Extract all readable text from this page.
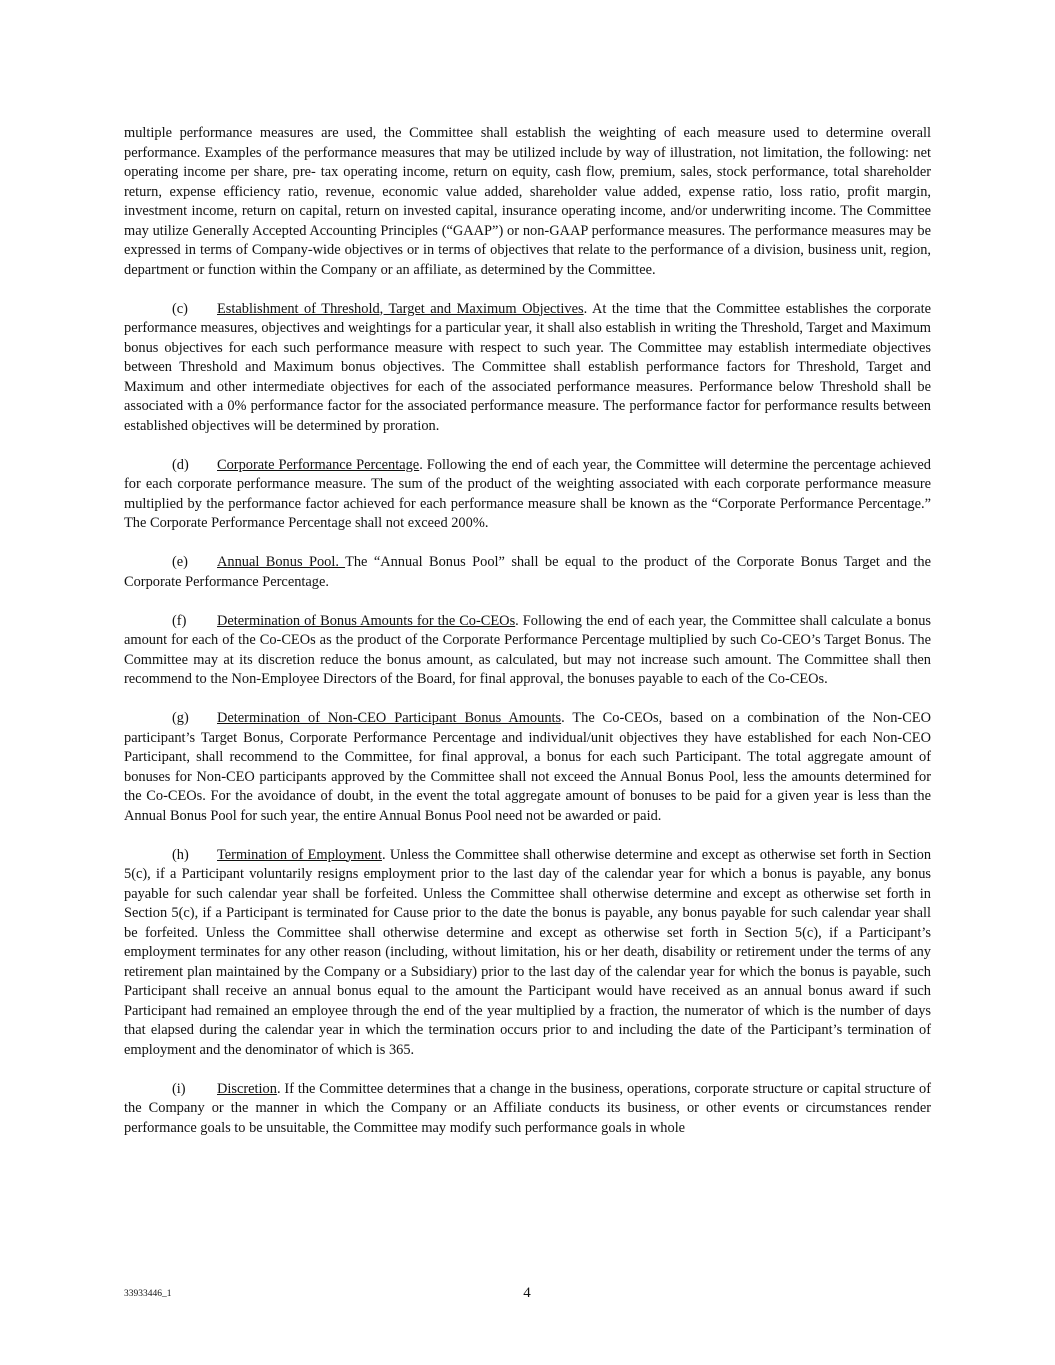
multiple performance measures are used, the Committee shall establish the weighting of each measure used to determine overall performance. Examples of the performance measures that may be utilized include by way of illustration, not limitation, the following: net operating income per share, pre- tax operating income, return on equity, cash flow, premium, sales, stock performance, total shareholder return, expense efficiency ratio, revenue, economic value added, shareholder value added, expense ratio, loss ratio, profit margin, investment income, return on capital, return on invested capital, insurance operating income, and/or underwriting income. The Committee may utilize Generally Accepted Accounting Principles (“GAAP”) or non-GAAP performance measures. The performance measures may be expressed in terms of Company-wide objectives or in terms of objectives that relate to the performance of a division, business unit, region, department or function within the Company or an affiliate, as determined by the Committee.

(c) Establishment of Threshold, Target and Maximum Objectives. At the time that the Committee establishes the corporate performance measures, objectives and weightings for a particular year, it shall also establish in writing the Threshold, Target and Maximum bonus objectives for each such performance measure with respect to such year. The Committee may establish intermediate objectives between Threshold and Maximum bonus objectives. The Committee shall establish performance factors for Threshold, Target and Maximum and other intermediate objectives for each of the associated performance measures. Performance below Threshold shall be associated with a 0% performance factor for the associated performance measure. The performance factor for performance results between established objectives will be determined by proration.

(d) Corporate Performance Percentage. Following the end of each year, the Committee will determine the percentage achieved for each corporate performance measure. The sum of the product of the weighting associated with each corporate performance measure multiplied by the performance factor achieved for each performance measure shall be known as the “Corporate Performance Percentage.” The Corporate Performance Percentage shall not exceed 200%.

(e) Annual Bonus Pool. The “Annual Bonus Pool” shall be equal to the product of the Corporate Bonus Target and the Corporate Performance Percentage.

(f) Determination of Bonus Amounts for the Co-CEOs. Following the end of each year, the Committee shall calculate a bonus amount for each of the Co-CEOs as the product of the Corporate Performance Percentage multiplied by such Co-CEO’s Target Bonus. The Committee may at its discretion reduce the bonus amount, as calculated, but may not increase such amount. The Committee shall then recommend to the Non-Employee Directors of the Board, for final approval, the bonuses payable to each of the Co-CEOs.

(g) Determination of Non-CEO Participant Bonus Amounts. The Co-CEOs, based on a combination of the Non-CEO participant’s Target Bonus, Corporate Performance Percentage and individual/unit objectives they have established for each Non-CEO Participant, shall recommend to the Committee, for final approval, a bonus for each such Participant. The total aggregate amount of bonuses for Non-CEO participants approved by the Committee shall not exceed the Annual Bonus Pool, less the amounts determined for the Co-CEOs. For the avoidance of doubt, in the event the total aggregate amount of bonuses to be paid for a given year is less than the Annual Bonus Pool for such year, the entire Annual Bonus Pool need not be awarded or paid.

(h) Termination of Employment. Unless the Committee shall otherwise determine and except as otherwise set forth in Section 5(c), if a Participant voluntarily resigns employment prior to the last day of the calendar year for which a bonus is payable, any bonus payable for such calendar year shall be forfeited. Unless the Committee shall otherwise determine and except as otherwise set forth in Section 5(c), if a Participant is terminated for Cause prior to the date the bonus is payable, any bonus payable for such calendar year shall be forfeited. Unless the Committee shall otherwise determine and except as otherwise set forth in Section 5(c), if a Participant’s employment terminates for any other reason (including, without limitation, his or her death, disability or retirement under the terms of any retirement plan maintained by the Company or a Subsidiary) prior to the last day of the calendar year for which the bonus is payable, such Participant shall receive an annual bonus equal to the amount the Participant would have received as an annual bonus award if such Participant had remained an employee through the end of the year multiplied by a fraction, the numerator of which is the number of days that elapsed during the calendar year in which the termination occurs prior to and including the date of the Participant’s termination of employment and the denominator of which is 365.

(i) Discretion. If the Committee determines that a change in the business, operations, corporate structure or capital structure of the Company or the manner in which the Company or an Affiliate conducts its business, or other events or circumstances render performance goals to be unsuitable, the Committee may modify such performance goals in whole

33933446_1	4
